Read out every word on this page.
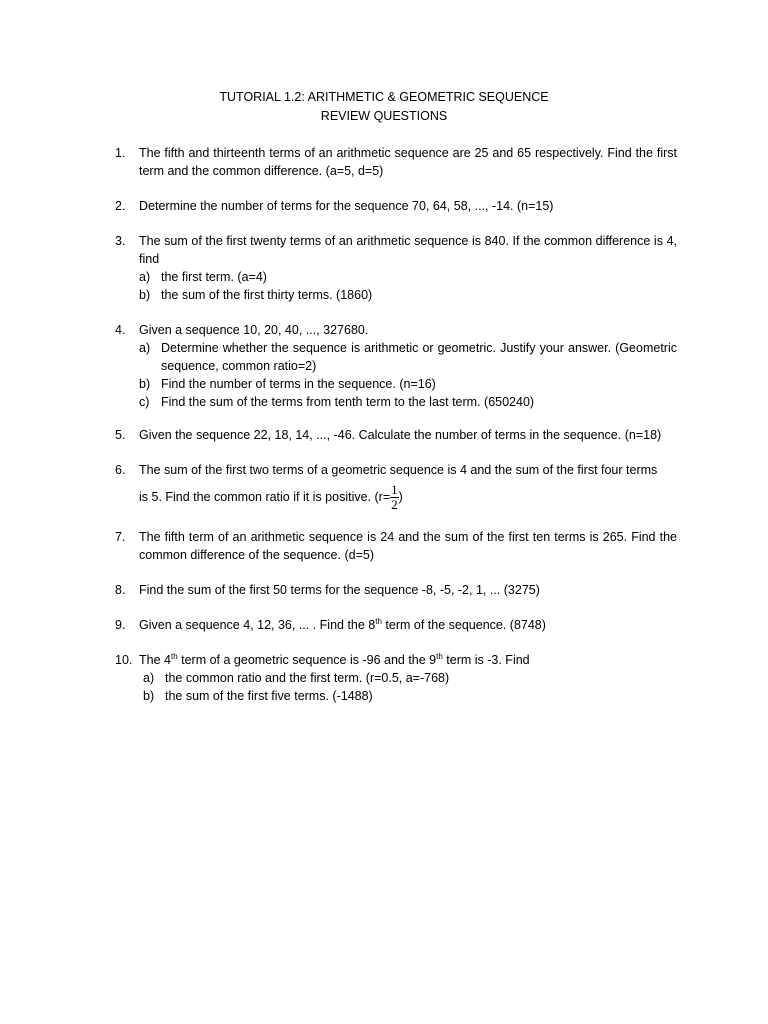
TUTORIAL 1.2: ARITHMETIC & GEOMETRIC SEQUENCE
REVIEW QUESTIONS
1.	The fifth and thirteenth terms of an arithmetic sequence are 25 and 65 respectively. Find the first term and the common difference. (a=5, d=5)
2.	Determine the number of terms for the sequence 70, 64, 58, ..., -14. (n=15)
3.	The sum of the first twenty terms of an arithmetic sequence is 840. If the common difference is 4, find
a) the first term. (a=4)
b) the sum of the first thirty terms. (1860)
4.	Given a sequence 10, 20, 40, ..., 327680.
a) Determine whether the sequence is arithmetic or geometric. Justify your answer. (Geometric sequence, common ratio=2)
b) Find the number of terms in the sequence. (n=16)
c) Find the sum of the terms from tenth term to the last term. (650240)
5.	Given the sequence 22, 18, 14, ..., -46. Calculate the number of terms in the sequence. (n=18)
6.	The sum of the first two terms of a geometric sequence is 4 and the sum of the first four terms
is 5. Find the common ratio if it is positive. ($r= \frac{1}{2}$ )
7.	The fifth term of an arithmetic sequence is 24 and the sum of the first ten terms is 265. Find the common difference of the sequence. (d=5)
8.	Find the sum of the first 50 terms for the sequence -8, -5, -2, 1, ... (3275)
9.	Given a sequence 4, 12, 36, ... . Find the 8th term of the sequence. (8748)
10. The 4th term of a geometric sequence is -96 and the 9th term is -3. Find
a) the common ratio and the first term. (r=0.5, a=-768)
b) the sum of the first five terms. (-1488)
